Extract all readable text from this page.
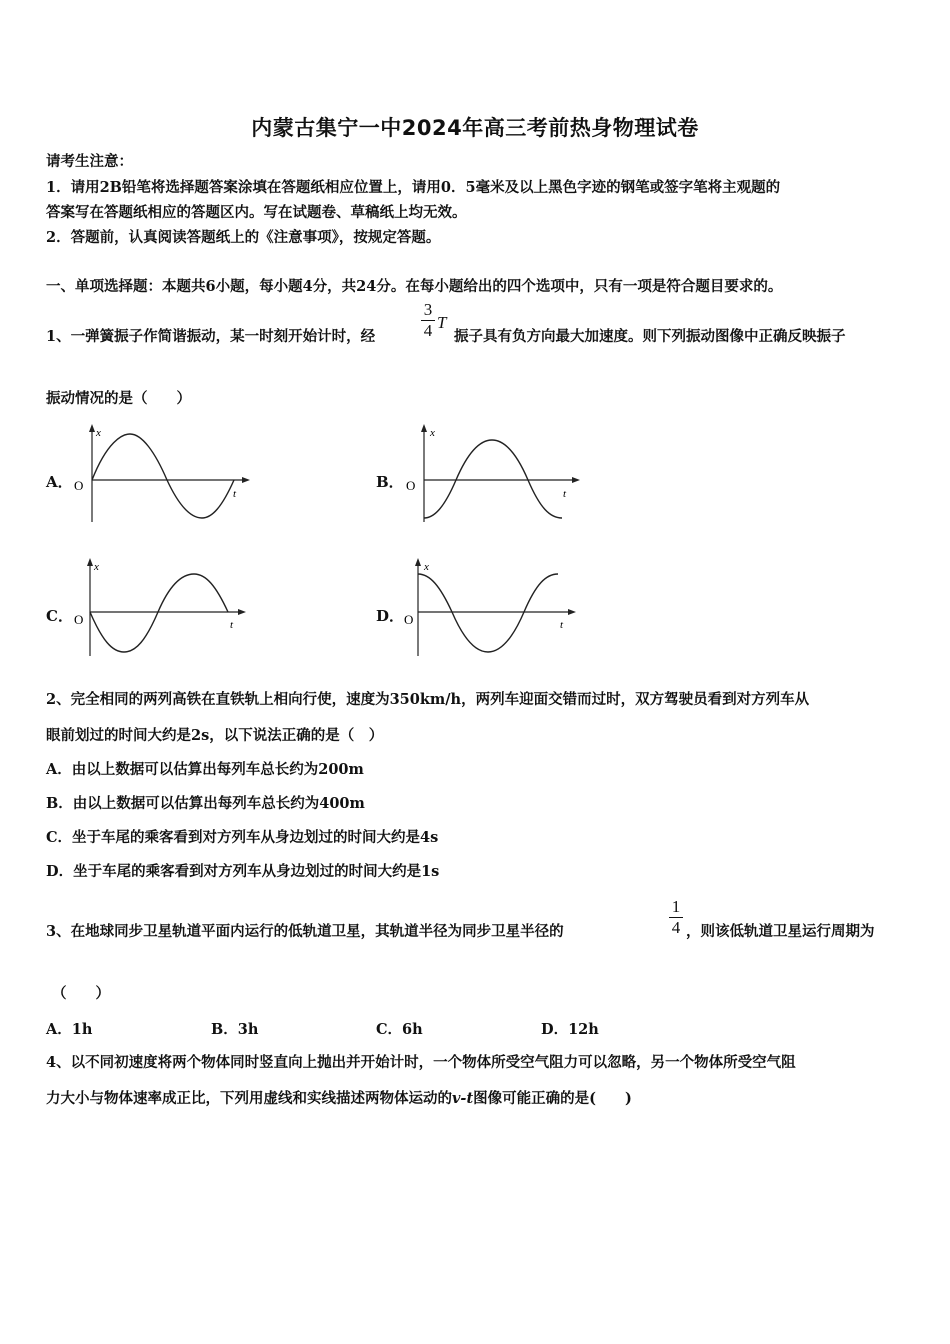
内蒙古集宁一中2024年高三考前热身物理试卷
请考生注意：
1．请用2B铅笔将选择题答案涂填在答题纸相应位置上，请用0．5毫米及以上黑色字迹的钢笔或签字笔将主观题的
答案写在答题纸相应的答题区内。写在试题卷、草稿纸上均无效。
2．答题前，认真阅读答题纸上的《注意事项》，按规定答题。
一、单项选择题：本题共6小题，每小题4分，共24分。在每小题给出的四个选项中，只有一项是符合题目要求的。
1、一弹簧振子作简谐振动，某一时刻开始计时，经
3
4 T
振子具有负方向最大加速度。则下列振动图像中正确反映振子
振动情况的是（　　）
A．	B．
C．	D．
x
t
O
x
t
O
x
t
O
x
t
O
2、完全相同的两列高铁在直铁轨上相向行使，速度为350km/h，两列车迎面交错而过时，双方驾驶员看到对方列车从
眼前划过的时间大约是2s，以下说法正确的是（　）
A．由以上数据可以估算出每列车总长约为200m
B．由以上数据可以估算出每列车总长约为400m
C．坐于车尾的乘客看到对方列车从身边划过的时间大约是4s
D．坐于车尾的乘客看到对方列车从身边划过的时间大约是1s
3、在地球同步卫星轨道平面内运行的低轨道卫星，其轨道半径为同步卫星半径的
1
4 ，则该低轨道卫星运行周期为
（　　）
A．1h	B．3h	C．6h	D．12h
4、以不同初速度将两个物体同时竖直向上抛出并开始计时，一个物体所受空气阻力可以忽略，另一个物体所受空气阻
力大小与物体速率成正比，下列用虚线和实线描述两物体运动的v-t图像可能正确的是(　　)
